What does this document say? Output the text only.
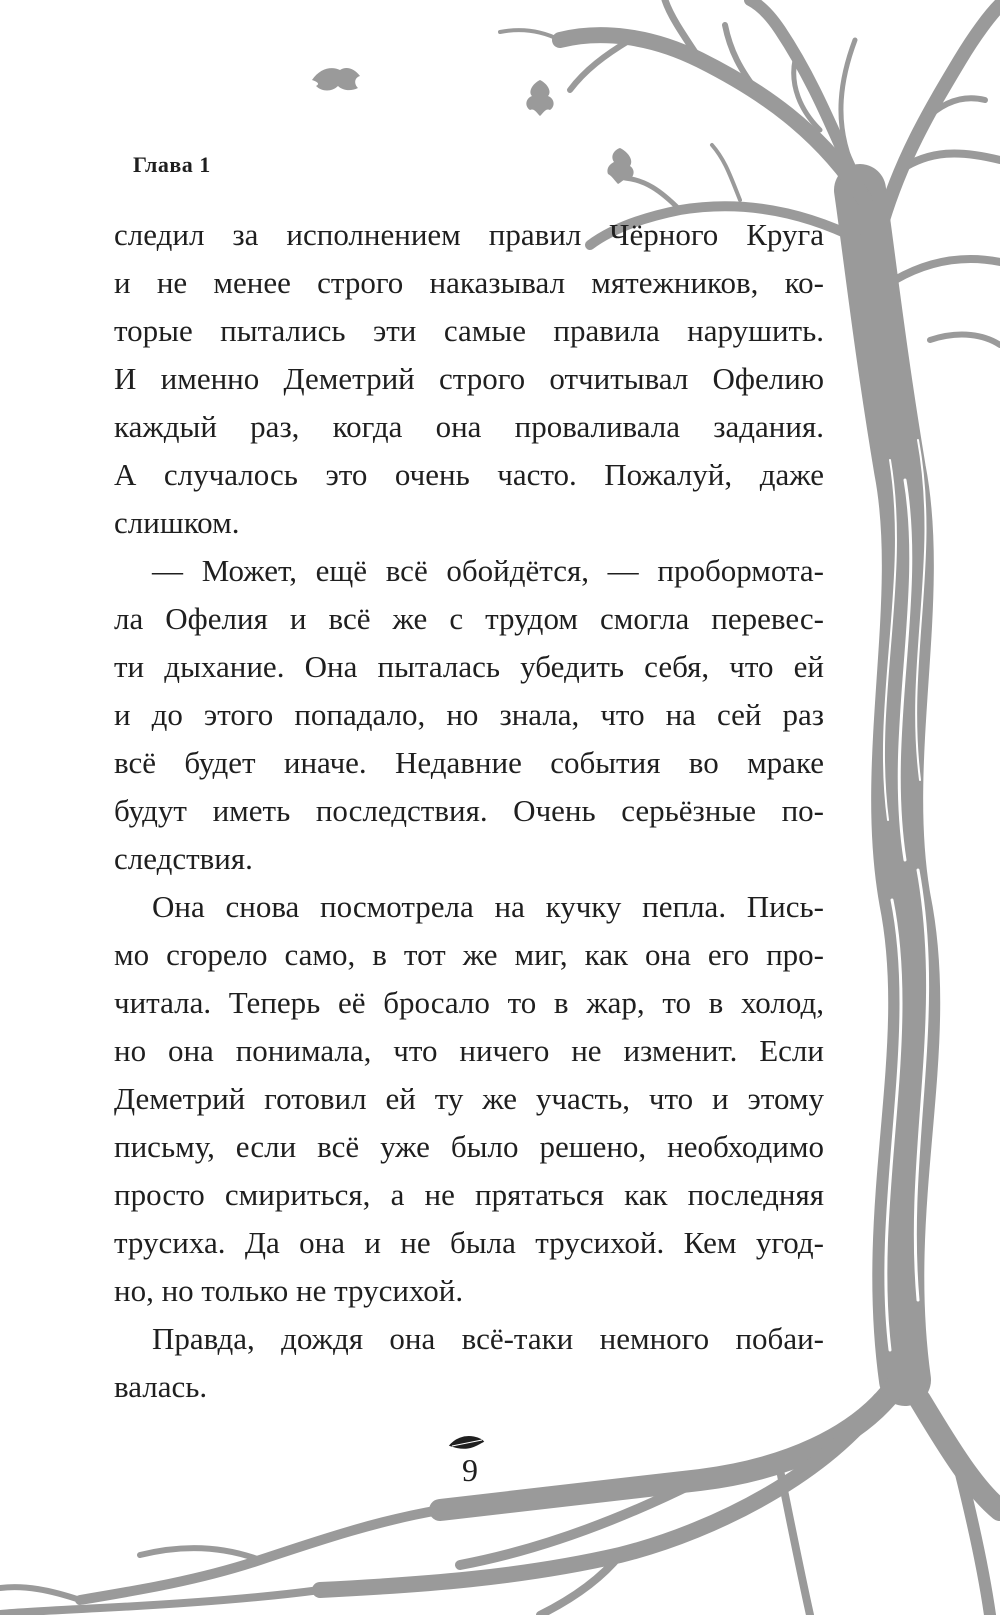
Глава 1
следил за исполнением правил Чёрного Круга
и не менее строго наказывал мятежников, ко-
торые пытались эти самые правила нарушить.
И именно Деметрий строго отчитывал Офелию
каждый раз, когда она проваливала задания.
А случалось это очень часто. Пожалуй, даже
слишком.
— Может, ещё всё обойдётся, — пробормота-
ла Офелия и всё же с трудом смогла перевес-
ти дыхание. Она пыталась убедить себя, что ей
и до этого попадало, но знала, что на сей раз
всё будет иначе. Недавние события во мраке
будут иметь последствия. Очень серьёзные по-
следствия.
Она снова посмотрела на кучку пепла. Пись-
мо сгорело само, в тот же миг, как она его про-
читала. Теперь её бросало то в жар, то в холод,
но она понимала, что ничего не изменит. Если
Деметрий готовил ей ту же участь, что и этому
письму, если всё уже было решено, необходимо
просто смириться, а не прятаться как последняя
трусиха. Да она и не была трусихой. Кем угод-
но, но только не трусихой.
Правда, дождя она всё-таки немного побаи-
валась.
9
